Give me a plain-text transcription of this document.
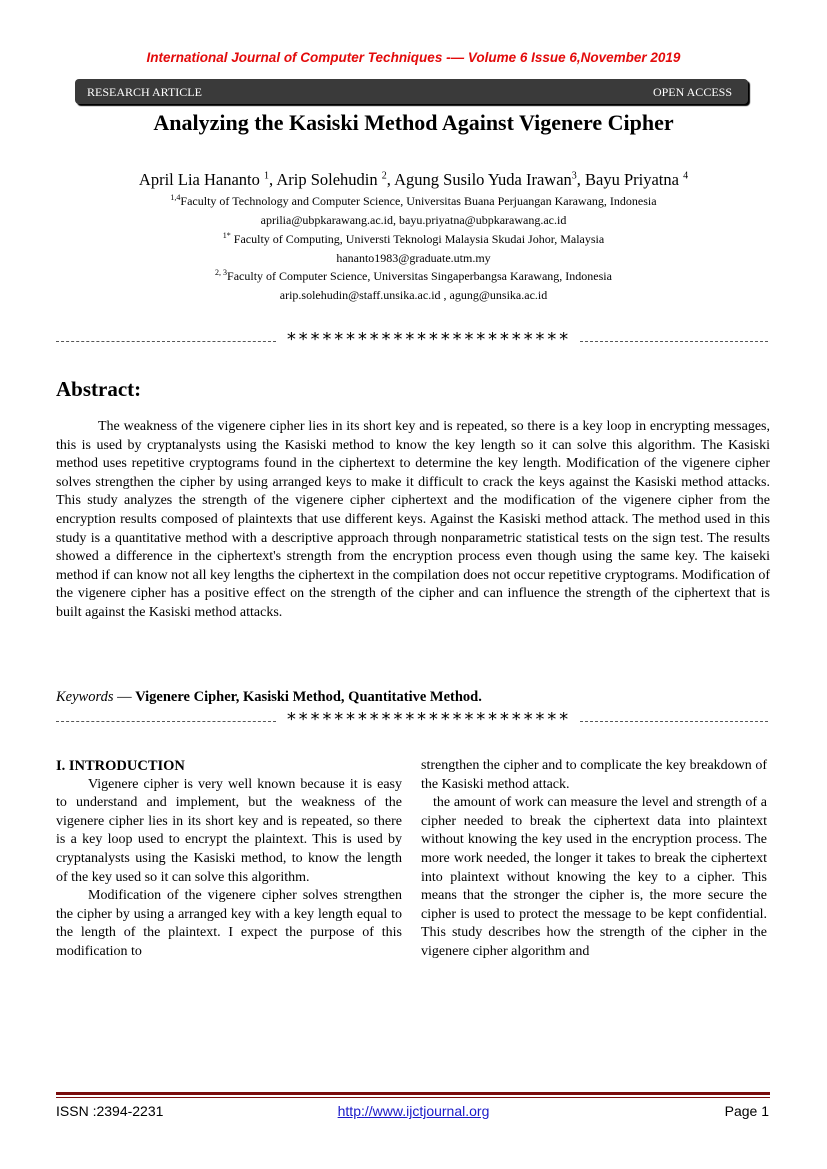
International Journal of Computer Techniques -— Volume 6 Issue 6,November 2019
RESEARCH ARTICLE	OPEN ACCESS
Analyzing the Kasiski Method Against Vigenere Cipher
April Lia Hananto $^1$, Arip Solehudin $^2$, Agung Susilo Yuda Irawan$^3$, Bayu Priyatna $^4$
$^{1,4}$Faculty of Technology and Computer Science, Universitas Buana Perjuangan Karawang, Indonesia
aprilia@ubpkarawang.ac.id, bayu.priyatna@ubpkarawang.ac.id
$^{1*}$ Faculty of Computing, Universti Teknologi Malaysia Skudai Johor, Malaysia
hananto1983@graduate.utm.my
$^{2, 3}$Faculty of Computer Science, Universitas Singaperbangsa Karawang, Indonesia
arip.solehudin@staff.unsika.ac.id , agung@unsika.ac.id
************************
Abstract:
The weakness of the vigenere cipher lies in its short key and is repeated, so there is a key loop in encrypting messages, this is used by cryptanalysts using the Kasiski method to know the key length so it can solve this algorithm. The Kasiski method uses repetitive cryptograms found in the ciphertext to determine the key length. Modification of the vigenere cipher solves strengthen the cipher by using arranged keys to make it difficult to crack the keys against the Kasiski method attacks. This study analyzes the strength of the vigenere cipher ciphertext and the modification of the vigenere cipher from the encryption results composed of plaintexts that use different keys. Against the Kasiski method attack. The method used in this study is a quantitative method with a descriptive approach through nonparametric statistical tests on the sign test. The results showed a difference in the ciphertext's strength from the encryption process even though using the same key. The kaiseki method if can know not all key lengths the ciphertext in the compilation does not occur repetitive cryptograms. Modification of the vigenere cipher has a positive effect on the strength of the cipher and can influence the strength of the ciphertext that is built against the Kasiski method attacks.
Keywords — Vigenere Cipher, Kasiski Method, Quantitative Method.
************************
I. INTRODUCTION

Vigenere cipher is very well known because it is easy to understand and implement, but the weakness of the vigenere cipher lies in its short key and is repeated, so there is a key loop used to encrypt the plaintext. This is used by cryptanalysts using the Kasiski method, to know the length of the key used so it can solve this algorithm.

Modification of the vigenere cipher solves strengthen the cipher by using a arranged key with a key length equal to the length of the plaintext. I expect the purpose of this modification to

strengthen the cipher and to complicate the key breakdown of the Kasiski method attack.

the amount of work can measure the level and strength of a cipher needed to break the ciphertext data into plaintext without knowing the key used in the encryption process. The more work needed, the longer it takes to break the ciphertext into plaintext without knowing the key to a cipher. This means that the stronger the cipher is, the more secure the cipher is used to protect the message to be kept confidential. This study describes how the strength of the cipher in the vigenere cipher algorithm and

ISSN :2394-2231	http://www.ijctjournal.org	Page 1
